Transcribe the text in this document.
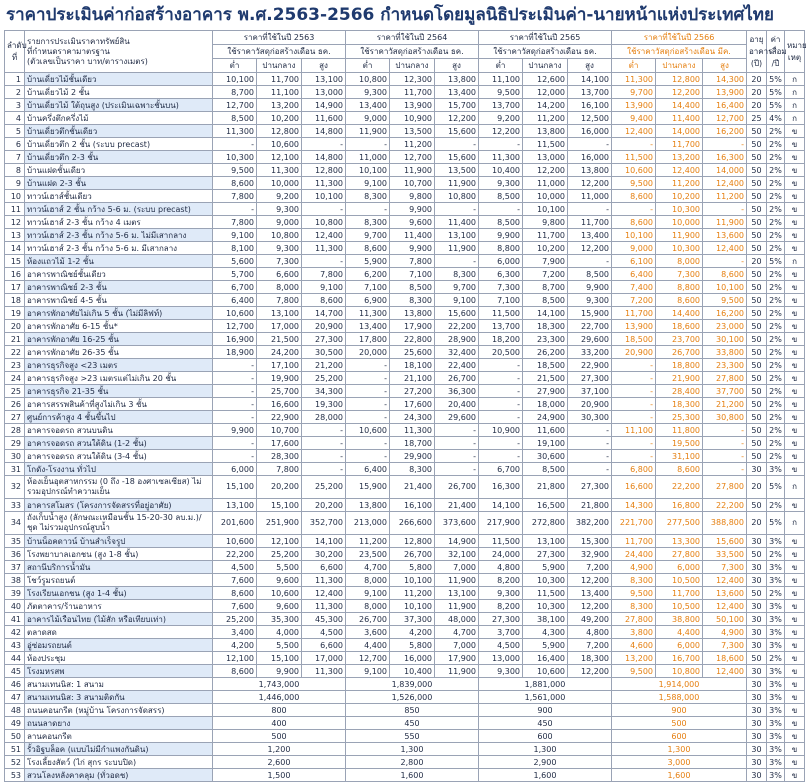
ราคาประเมินค่าก่อสร้างอาคาร พ.ศ.2563-2566 กำหนดโดยมูลนิธิประเมินค่า-นายหน้าแห่งประเทศไทย
ลำดับ
ที่	รายการประเมินราคาทรัพย์สิน
ที่กำหนดราคามาตรฐาน
(ตัวเลขเป็นราคา บาท/ตารางเมตร)	ราคาที่ใช้ในปี 2563			ราคาที่ใช้ในปี 2564			ราคาที่ใช้ในปี 2565			ราคาที่ใช้ในปี 2566			อายุ
อาคาร
(ปี)	ค่า
เสื่อม
/ปี	หมาย
เหตุ
		ใช้ราคาวัสดุก่อสร้างเดือน ธค.			ใช้ราคาวัสดุก่อสร้างเดือน ธค.			ใช้ราคาวัสดุก่อสร้างเดือน ธค.			ใช้ราคาวัสดุก่อสร้างเดือน มีค.					
		ต่ำ	ปานกลาง	สูง	ต่ำ	ปานกลาง	สูง	ต่ำ	ปานกลาง	สูง	ต่ำ	ปานกลาง	สูง			
1	บ้านเดี่ยวไม้ชั้นเดียว	10,100	11,700	13,100	10,800	12,300	13,800	11,100	12,600	14,100	11,300	12,800	14,300	20	5%	ก
2	บ้านเดี่ยวไม้ 2 ชั้น	8,700	11,100	13,000	9,300	11,700	13,400	9,500	12,000	13,700	9,700	12,200	13,900	20	5%	ก
3	บ้านเดี่ยวไม้ ใต้ถุนสูง (ประเมินเฉพาะชั้นบน)	12,700	13,200	14,900	13,400	13,900	15,700	13,700	14,200	16,100	13,900	14,400	16,400	20	5%	ก
4	บ้านครึ่งตึกครึ่งไม้	8,500	10,200	11,600	9,000	10,900	12,200	9,200	11,200	12,500	9,400	11,400	12,700	25	4%	ก
5	บ้านเดี่ยวตึกชั้นเดียว	11,300	12,800	14,800	11,900	13,500	15,600	12,200	13,800	16,000	12,400	14,000	16,200	50	2%	ข
6	บ้านเดี่ยวตึก 2 ชั้น (ระบบ precast)	-	10,600	-	-	11,200	-	-	11,500	-	-	11,700	-	50	2%	ข
7	บ้านเดี่ยวตึก 2-3 ชั้น	10,300	12,100	14,800	11,000	12,700	15,600	11,300	13,000	16,000	11,500	13,200	16,300	50	2%	ข
8	บ้านแฝดชั้นเดียว	9,500	11,300	12,800	10,100	11,900	13,500	10,400	12,200	13,800	10,600	12,400	14,000	50	2%	ข
9	บ้านแฝด 2-3 ชั้น	8,600	10,000	11,300	9,100	10,700	11,900	9,300	11,000	12,200	9,500	11,200	12,400	50	2%	ข
10	ทาวน์เฮาส์ชั้นเดียว	7,800	9,200	10,100	8,300	9,800	10,800	8,500	10,000	11,000	8,600	10,200	11,200	50	2%	ข
11	ทาวน์เฮาส์ 2 ชั้น กว้าง 5-6 ม. (ระบบ precast)	-	9,300	-	-	9,900	-	-	10,100	-	-	10,300	-	50	2%	ข
12	ทาวน์เฮาส์ 2-3 ชั้น กว้าง 4 เมตร	7,800	9,000	10,800	8,300	9,600	11,400	8,500	9,800	11,700	8,600	10,000	11,900	50	2%	ข
13	ทาวน์เฮาส์ 2-3 ชั้น กว้าง 5-6 ม. ไม่มีเสากลาง	9,100	10,800	12,400	9,700	11,400	13,100	9,900	11,700	13,400	10,100	11,900	13,600	50	2%	ข
14	ทาวน์เฮาส์ 2-3 ชั้น กว้าง 5-6 ม. มีเสากลาง	8,100	9,300	11,300	8,600	9,900	11,900	8,800	10,200	12,200	9,000	10,300	12,400	50	2%	ข
15	ห้องแถวไม้ 1-2 ชั้น	5,600	7,300	-	5,900	7,800	-	6,000	7,900	-	6,100	8,000	-	20	5%	ก
16	อาคารพาณิชย์ชั้นเดียว	5,700	6,600	7,800	6,200	7,100	8,300	6,300	7,200	8,500	6,400	7,300	8,600	50	2%	ข
17	อาคารพาณิชย์ 2-3 ชั้น	6,700	8,000	9,100	7,100	8,500	9,700	7,300	8,700	9,900	7,400	8,800	10,100	50	2%	ข
18	อาคารพาณิชย์ 4-5 ชั้น	6,400	7,800	8,600	6,900	8,300	9,100	7,100	8,500	9,300	7,200	8,600	9,500	50	2%	ข
19	อาคารพักอาศัยไม่เกิน 5 ชั้น (ไม่มีลิฟท์)	10,600	13,100	14,700	11,300	13,800	15,600	11,500	14,100	15,900	11,700	14,400	16,200	50	2%	ข
20	อาคารพักอาศัย 6-15 ชั้น*	12,700	17,000	20,900	13,400	17,900	22,200	13,700	18,300	22,700	13,900	18,600	23,000	50	2%	ข
21	อาคารพักอาศัย 16-25 ชั้น	16,900	21,500	27,300	17,800	22,800	28,900	18,200	23,300	29,600	18,500	23,700	30,100	50	2%	ข
22	อาคารพักอาศัย 26-35 ชั้น	18,900	24,200	30,500	20,000	25,600	32,400	20,500	26,200	33,200	20,900	26,700	33,800	50	2%	ข
23	อาคารธุรกิจสูง <23 เมตร	-	17,100	21,200	-	18,100	22,400	-	18,500	22,900	-	18,800	23,300	50	2%	ข
24	อาคารธุรกิจสูง >23 เมตรแต่ไม่เกิน 20 ชั้น	-	19,900	25,200	-	21,100	26,700	-	21,500	27,300	-	21,900	27,800	50	2%	ข
25	อาคารธุรกิจ 21-35 ชั้น	-	25,700	34,300	-	27,200	36,300	-	27,900	37,100	-	28,400	37,700	50	2%	ข
26	อาคารสรรพสินค้าที่สูงไม่เกิน 3 ชั้น	-	16,600	19,300	-	17,600	20,400	-	18,000	20,900	-	18,300	21,200	50	2%	ข
27	ศูนย์การค้าสูง 4 ชั้นขึ้นไป	-	22,900	28,000	-	24,300	29,600	-	24,900	30,300	-	25,300	30,800	50	2%	ข
28	อาคารจอดรถ สวนบนดิน	9,900	10,700	-	10,600	11,300	-	10,900	11,600	-	11,100	11,800	-	50	2%	ข
29	อาคารจอดรถ สวนใต้ดิน (1-2 ชั้น)	-	17,600	-	-	18,700	-	-	19,100	-	-	19,500	-	50	2%	ข
30	อาคารจอดรถ สวนใต้ดิน (3-4 ชั้น)	-	28,300	-	-	29,900	-	-	30,600	-	-	31,100	-	50	2%	ข
31	โกดัง-โรงงาน ทั่วไป	6,000	7,800	-	6,400	8,300	-	6,700	8,500	-	6,800	8,600	-	30	3%	ข
32	ห้องเย็นอุตสาหกรรม (0 ถึง -18 องศาเซลเซียส) ไม่รวมอุปกรณ์ทำความเย็น	15,100	20,200	25,200	15,900	21,400	26,700	16,300	21,800	27,300	16,600	22,200	27,800	20	5%	ก
33	อาคารสโมสร (โครงการจัดสรรที่อยู่อาศัย)	13,100	15,100	20,200	13,800	16,100	21,400	14,100	16,500	21,800	14,300	16,800	22,200	50	2%	ข
34	ถังเก็บน้ำสูง (ลักษณะเหมือนชั้น 15-20-30 ลบ.ม.)/ ชุด ไม่รวมอุปกรณ์สูบน้ำ	201,600	251,900	352,700	213,000	266,600	373,600	217,900	272,800	382,200	221,700	277,500	388,800	20	5%	ก
35	บ้านน็อคดาวน์ บ้านสำเร็จรูป	10,600	12,100	14,100	11,200	12,800	14,900	11,500	13,100	15,300	11,700	13,300	15,600	30	3%	ข
36	โรงพยาบาลเอกชน (สูง 1-8 ชั้น)	22,200	25,200	30,200	23,500	26,700	32,100	24,000	27,300	32,900	24,400	27,800	33,500	50	2%	ข
37	สถานีบริการน้ำมัน	4,500	5,500	6,600	4,700	5,800	7,000	4,800	5,900	7,200	4,900	6,000	7,300	30	3%	ข
38	โชว์รูมรถยนต์	7,600	9,600	11,300	8,000	10,100	11,900	8,200	10,300	12,200	8,300	10,500	12,400	30	3%	ข
39	โรงเรียนเอกชน (สูง 1-4 ชั้น)	8,600	10,600	12,400	9,100	11,200	13,100	9,300	11,500	13,400	9,500	11,700	13,600	50	2%	ข
40	ภัตตาคาร/ร้านอาหาร	7,600	9,600	11,300	8,000	10,100	11,900	8,200	10,300	12,200	8,300	10,500	12,400	30	3%	ข
41	อาคารไม้เรือนไทย (ไม้สัก หรือเทียบเท่า)	25,200	35,300	45,300	26,700	37,300	48,000	27,300	38,100	49,200	27,800	38,800	50,100	30	3%	ข
42	ตลาดสด	3,400	4,000	4,500	3,600	4,200	4,700	3,700	4,300	4,800	3,800	4,400	4,900	30	3%	ข
43	อู่ซ่อมรถยนต์	4,200	5,500	6,600	4,400	5,800	7,000	4,500	5,900	7,200	4,600	6,000	7,300	30	3%	ข
44	ห้องประชุม	12,100	15,100	17,000	12,700	16,000	17,900	13,000	16,400	18,300	13,200	16,700	18,600	50	2%	ข
45	โรงมหรสพ	8,600	9,900	11,300	9,100	10,400	11,900	9,300	10,600	12,200	9,500	10,800	12,400	30	3%	ข
46	สนามเทนนิส: 1 สนาม	1,743,000			1,839,000			1,881,000			1,914,000			30	3%	ข
47	สนามเทนนิส: 3 สนามติดกัน	1,446,000			1,526,000			1,561,000			1,588,000			30	3%	ข
48	ถนนคอนกรีต (หมู่บ้าน โครงการจัดสรร)	800			850			900			900			30	3%	ข
49	ถนนลาดยาง	400			450			450			500			30	3%	ข
50	ลานคอนกรีต	500			550			600			600			30	3%	ข
51	รั้วอิฐบล็อค (แบบไม่มีกำแพงกันดิน)	1,200			1,300			1,300			1,300			30	3%	ข
52	โรงเลี้ยงสัตว์ (ไก่ สุกร ระบบปิด)	2,600			2,800			2,900			3,000			30	3%	ข
53	สวนโลงหลังคาคลุม (ทั่วอดช)	1,500			1,600			1,600			1,600			30	3%	ข
